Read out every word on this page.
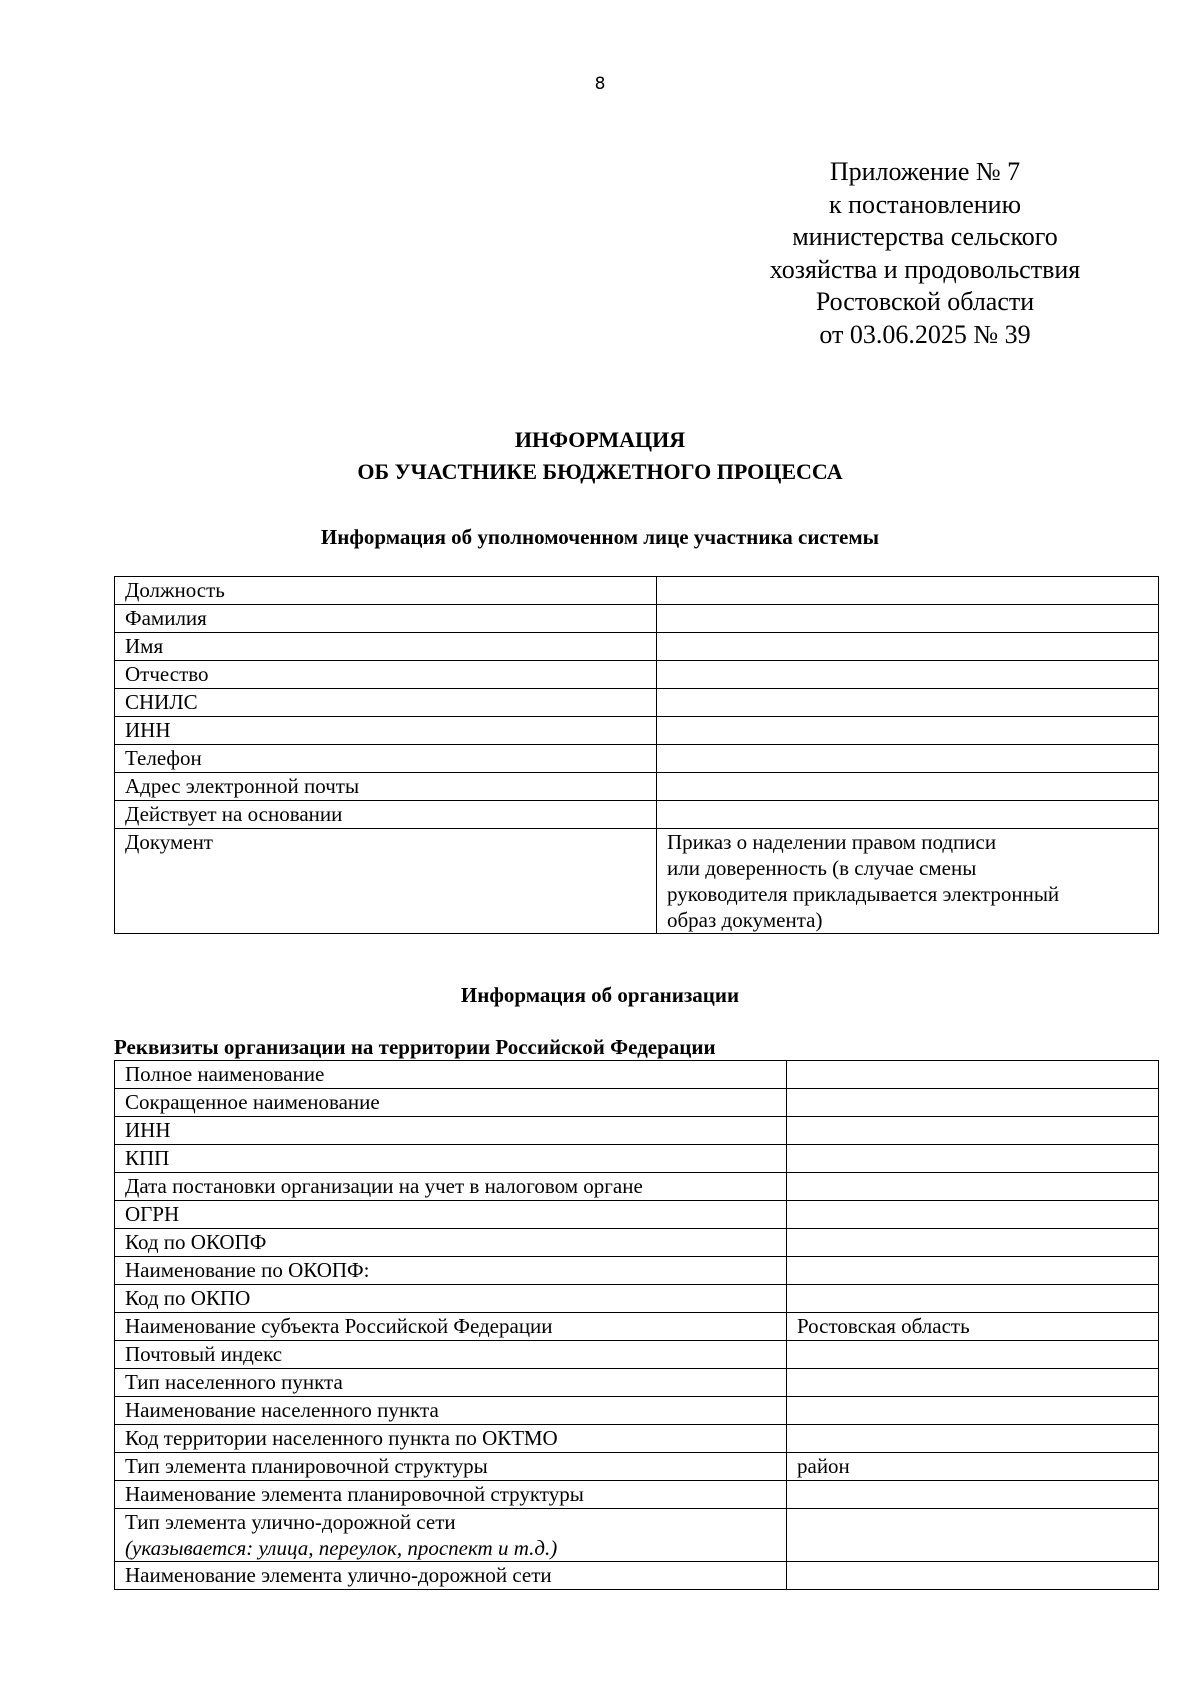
8
Приложение № 7
к постановлению
министерства сельского
хозяйства и продовольствия
Ростовской области
от 03.06.2025 № 39
ИНФОРМАЦИЯ
ОБ УЧАСТНИКЕ БЮДЖЕТНОГО ПРОЦЕССА
Информация об уполномоченном лице участника системы
Должность	

Фамилия	

Имя	

Отчество	

СНИЛС	

ИНН	

Телефон	

Адрес электронной почты	

Действует на основании	

Документ	Приказ о наделении правом подписи
или доверенность (в случае смены
руководителя прикладывается электронный
образ документа)
Информация об организации
Реквизиты организации на территории Российской Федерации
Полное наименование	

Сокращенное наименование	

ИНН	

КПП	

Дата постановки организации на учет в налоговом органе	

ОГРН	

Код по ОКОПФ	

Наименование по ОКОПФ:	

Код по ОКПО	

Наименование субъекта Российской Федерации	Ростовская область

Почтовый индекс	

Тип населенного пункта	

Наименование населенного пункта	

Код территории населенного пункта по ОКТМО	

Тип элемента планировочной структуры	район

Наименование элемента планировочной структуры	

Тип элемента улично-дорожной сети
(указывается: улица, переулок, проспект и т.д.)	

Наименование элемента улично-дорожной сети	
